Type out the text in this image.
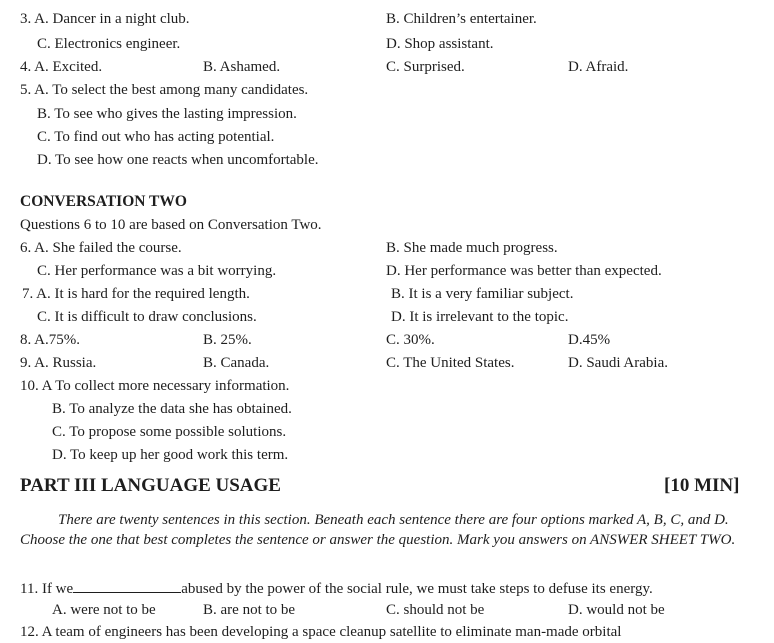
3. A. Dancer in a night club.	B. Children’s entertainer.
C. Electronics engineer.	D. Shop assistant.
4. A. Excited.	B. Ashamed.	C. Surprised.	D. Afraid.
5. A. To select the best among many candidates.
B. To see who gives the lasting impression.
C. To find out who has acting potential.
D. To see how one reacts when uncomfortable.
CONVERSATION TWO
Questions 6 to 10 are based on Conversation Two.
6. A. She failed the course.	B. She made much progress.
C. Her performance was a bit worrying.	D. Her performance was better than expected.
7. A. It is hard for the required length.	B. It is a very familiar subject.
C. It is difficult to draw conclusions.	D. It is irrelevant to the topic.
8. A.75%.	B. 25%.	C. 30%.	D.45%
9. A. Russia.	B. Canada.	C. The United States.	D. Saudi Arabia.
10. A To collect more necessary information.
B. To analyze the data she has obtained.
C. To propose some possible solutions.
D. To keep up her good work this term.
PART III LANGUAGE USAGE	[10 MIN]
There are twenty sentences in this section. Beneath each sentence there are four options marked A, B, C, and D. Choose the one that best completes the sentence or answer the question. Mark you answers on ANSWER SHEET TWO.
11. If we	abused by the power of the social rule, we must take steps to defuse its energy.
A. were not to be	B. are not to be	C. should not be	D. would not be
12. A team of engineers has been developing a space cleanup satellite to eliminate man-made orbital
